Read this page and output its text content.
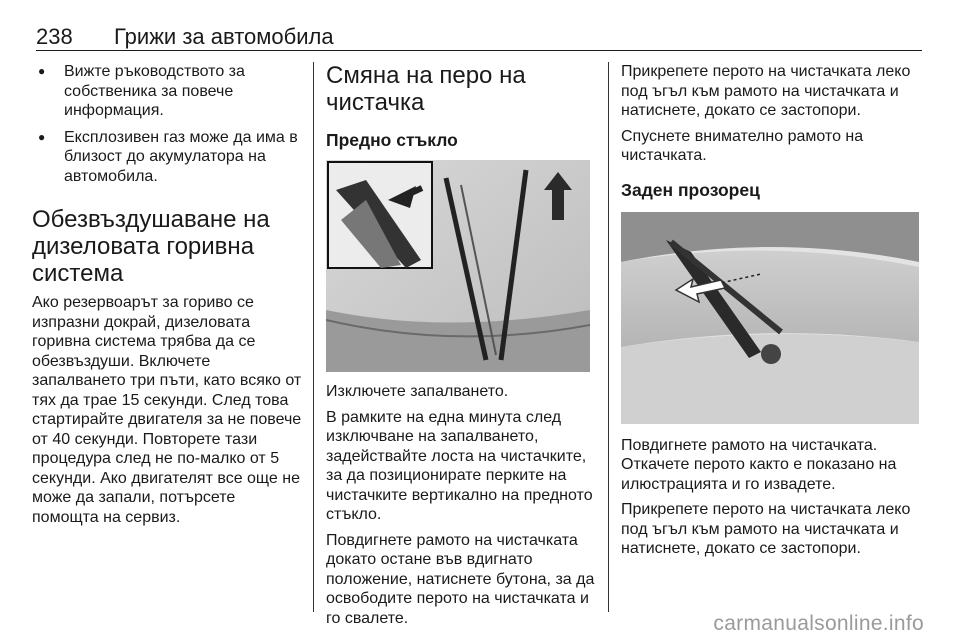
238 Грижи за автомобила
● Вижте ръководството за собственика за повече информация.
● Експлозивен газ може да има в близост до акумулатора на автомобила.
Обезвъздушаване на дизеловата горивна система

Ако резервоарът за гориво се изпразни докрай, дизеловата горивна система трябва да се обезвъздуши. Включете запалването три пъти, като всяко от тях да трае 15 секунди. След това стартирайте двигателя за не повече от 40 секунди. Повторете тази процедура след не по-малко от 5 секунди. Ако двигателят все още не може да запали, потърсете помощта на сервиз.

Смяна на перо на чистачка
Предно стъкло

Изключете запалването.

В рамките на една минута след изключване на запалването, задействайте лоста на чистачките, за да позиционирате перките на чистачките вертикално на предното стъкло.

Повдигнете рамото на чистачката докато остане във вдигнато положение, натиснете бутона, за да освободите перото на чистачката и го свалете.

Прикрепете перото на чистачката леко под ъгъл към рамото на чистачката и натиснете, докато се застопори.

Спуснете внимателно рамото на чистачката.

Заден прозорец

Повдигнете рамото на чистачката. Откачете перото както е показано на илюстрацията и го извадете.

Прикрепете перото на чистачката леко под ъгъл към рамото на чистачката и натиснете, докато се застопори.

carmanualsonline.info
